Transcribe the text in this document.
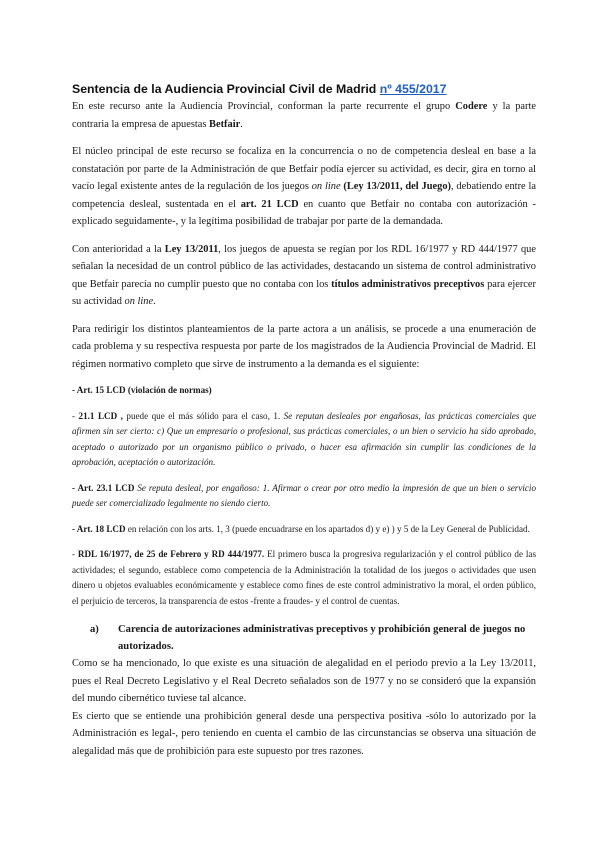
Sentencia de la Audiencia Provincial Civil de Madrid nº 455/2017

En este recurso ante la Audiencia Provincial, conforman la parte recurrente el grupo Codere y la parte contraria la empresa de apuestas Betfair.

El núcleo principal de este recurso se focaliza en la concurrencia o no de competencia desleal en base a la constatación por parte de la Administración de que Betfair podía ejercer su actividad, es decir, gira en torno al vacío legal existente antes de la regulación de los juegos on line (Ley 13/2011, del Juego), debatiendo entre la competencia desleal, sustentada en el art. 21 LCD en cuanto que Betfair no contaba con autorización -explicado seguidamente-, y la legítima posibilidad de trabajar por parte de la demandada.

Con anterioridad a la Ley 13/2011, los juegos de apuesta se regían por los RDL 16/1977 y RD 444/1977 que señalan la necesidad de un control público de las actividades, destacando un sistema de control administrativo que Betfair parecía no cumplir puesto que no contaba con los títulos administrativos preceptivos para ejercer su actividad on line.

Para redirigir los distintos planteamientos de la parte actora a un análisis, se procede a una enumeración de cada problema y su respectiva respuesta por parte de los magistrados de la Audiencia Provincial de Madrid. El régimen normativo completo que sirve de instrumento a la demanda es el siguiente:

- Art. 15 LCD (violación de normas)

- 21.1 LCD , puede que el más sólido para el caso, 1. Se reputan desleales por engañosas, las prácticas comerciales que afirmen sin ser cierto: c) Que un empresario o profesional, sus prácticas comerciales, o un bien o servicio ha sido aprobado, aceptado o autorizado por un organismo público o privado, o hacer esa afirmación sin cumplir las condiciones de la aprobación, aceptación o autorización.

- Art. 23.1 LCD Se reputa desleal, por engañoso: 1. Afirmar o crear por otro medio la impresión de que un bien o servicio puede ser comercializado legalmente no siendo cierto.

- Art. 18 LCD en relación con los arts. 1, 3 (puede encuadrarse en los apartados d) y e) ) y 5 de la Ley General de Publicidad.

- RDL 16/1977, de 25 de Febrero y RD 444/1977. El primero busca la progresiva regularización y el control público de las actividades; el segundo, establece como competencia de la Administración la totalidad de los juegos o actividades que usen dinero u objetos evaluables económicamente y establece como fines de este control administrativo la moral, el orden público, el perjuicio de terceros, la transparencia de estos -frente a fraudes- y el control de cuentas.

a)	Carencia de autorizaciones administrativas preceptivos y prohibición general de juegos no autorizados.

Como se ha mencionado, lo que existe es una situación de alegalidad en el periodo previo a la Ley 13/2011, pues el Real Decreto Legislativo y el Real Decreto señalados son de 1977 y no se consideró que la expansión del mundo cibernético tuviese tal alcance.

Es cierto que se entiende una prohibición general desde una perspectiva positiva -sólo lo autorizado por la Administración es legal-, pero teniendo en cuenta el cambio de las circunstancias se observa una situación de alegalidad más que de prohibición para este supuesto por tres razones.
